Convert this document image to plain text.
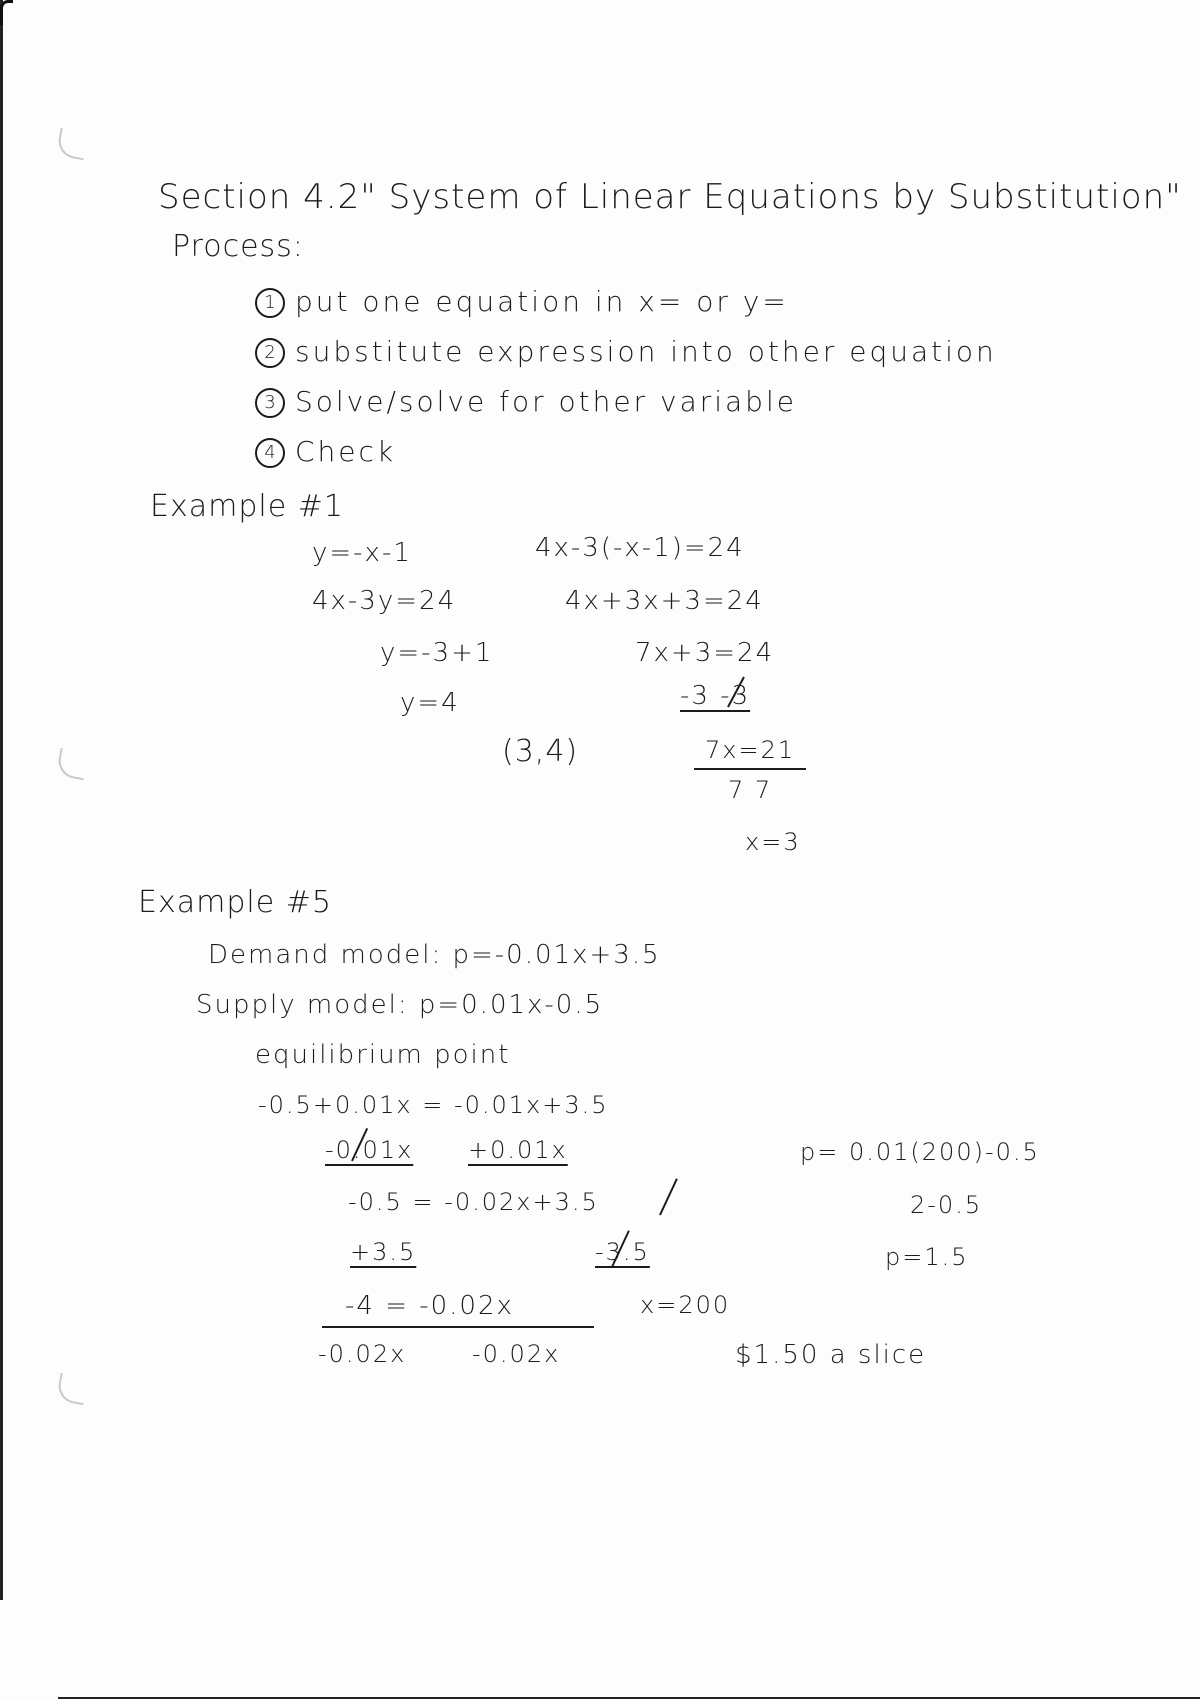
Section 4.2" System of Linear Equations by Substitution"
Process:
1 put one equation in x= or y=
2 substitute expression into other equation
3 Solve/solve for other variable
4 Check
Example #1
y=-x-1
4x-3y=24
y=-3+1
y=4
(3,4)
4x-3(-x-1)=24
4x+3x+3=24
7x+3=24
-3 -3
7x=21
7 7
x=3
Example #5
Demand model: p=-0.01x+3.5
Supply model: p=0.01x-0.5
equilibrium point
-0.5+0.01x = -0.01x+3.5
-0.01x +0.01x
-0.5 = -0.02x+3.5
+3.5	-3.5
-4 = -0.02x
-0.02x	-0.02x
x=200
p= 0.01(200)-0.5
2-0.5
p=1.5
$1.50 a slice
